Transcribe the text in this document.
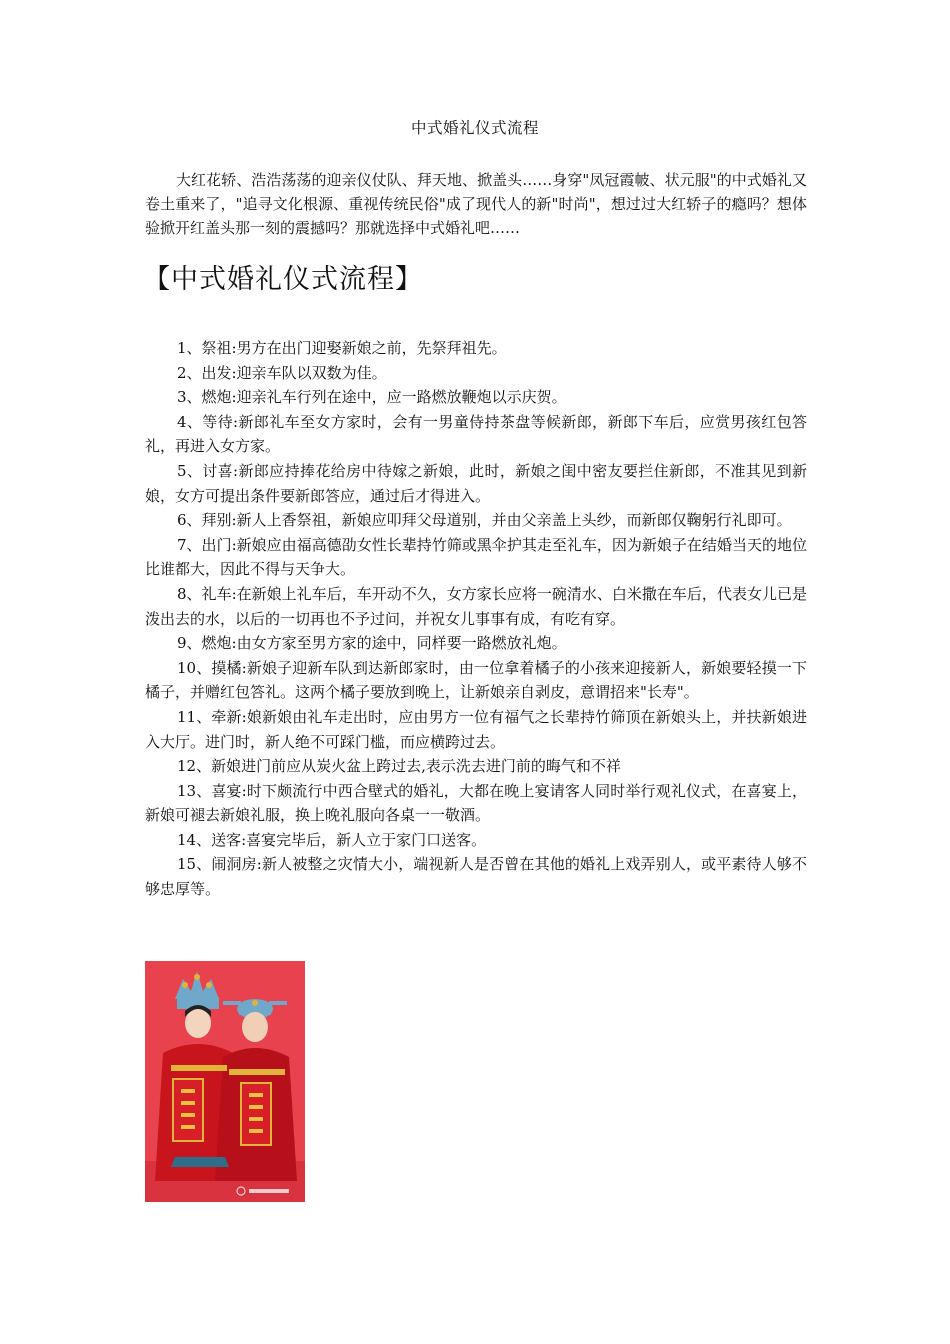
中式婚礼仪式流程

大红花轿、浩浩荡荡的迎亲仪仗队、拜天地、掀盖头……身穿"凤冠霞帔、状元服"的中式婚礼又卷土重来了，"追寻文化根源、重视传统民俗"成了现代人的新"时尚"，想过过大红轿子的瘾吗？想体验掀开红盖头那一刻的震撼吗？那就选择中式婚礼吧……

【中式婚礼仪式流程】
1、祭祖:男方在出门迎娶新娘之前，先祭拜祖先。
2、出发:迎亲车队以双数为佳。
3、燃炮:迎亲礼车行列在途中，应一路燃放鞭炮以示庆贺。
4、等待:新郎礼车至女方家时，会有一男童侍持茶盘等候新郎，新郎下车后，应赏男孩红包答礼，再进入女方家。
5、讨喜:新郎应持捧花给房中待嫁之新娘，此时，新娘之闺中密友要拦住新郎，不准其见到新娘，女方可提出条件要新郎答应，通过后才得进入。
6、拜别:新人上香祭祖，新娘应叩拜父母道别，并由父亲盖上头纱，而新郎仅鞠躬行礼即可。
7、出门:新娘应由福高德劭女性长辈持竹筛或黑伞护其走至礼车，因为新娘子在结婚当天的地位比谁都大，因此不得与天争大。
8、礼车:在新娘上礼车后，车开动不久，女方家长应将一碗清水、白米撒在车后，代表女儿已是泼出去的水，以后的一切再也不予过问，并祝女儿事事有成，有吃有穿。
9、燃炮:由女方家至男方家的途中，同样要一路燃放礼炮。
10、摸橘:新娘子迎新车队到达新郎家时，由一位拿着橘子的小孩来迎接新人，新娘要轻摸一下橘子，并赠红包答礼。这两个橘子要放到晚上，让新娘亲自剥皮，意谓招来"长寿"。
11、牵新:娘新娘由礼车走出时，应由男方一位有福气之长辈持竹筛顶在新娘头上，并扶新娘进入大厅。进门时，新人绝不可踩门槛，而应横跨过去。
12、新娘进门前应从炭火盆上跨过去,表示洗去进门前的晦气和不祥
13、喜宴:时下颇流行中西合壁式的婚礼，大都在晚上宴请客人同时举行观礼仪式，在喜宴上，新娘可褪去新娘礼服，换上晚礼服向各桌一一敬酒。
14、送客:喜宴完毕后，新人立于家门口送客。
15、闹洞房:新人被整之灾情大小，端视新人是否曾在其他的婚礼上戏弄别人，或平素待人够不够忠厚等。
